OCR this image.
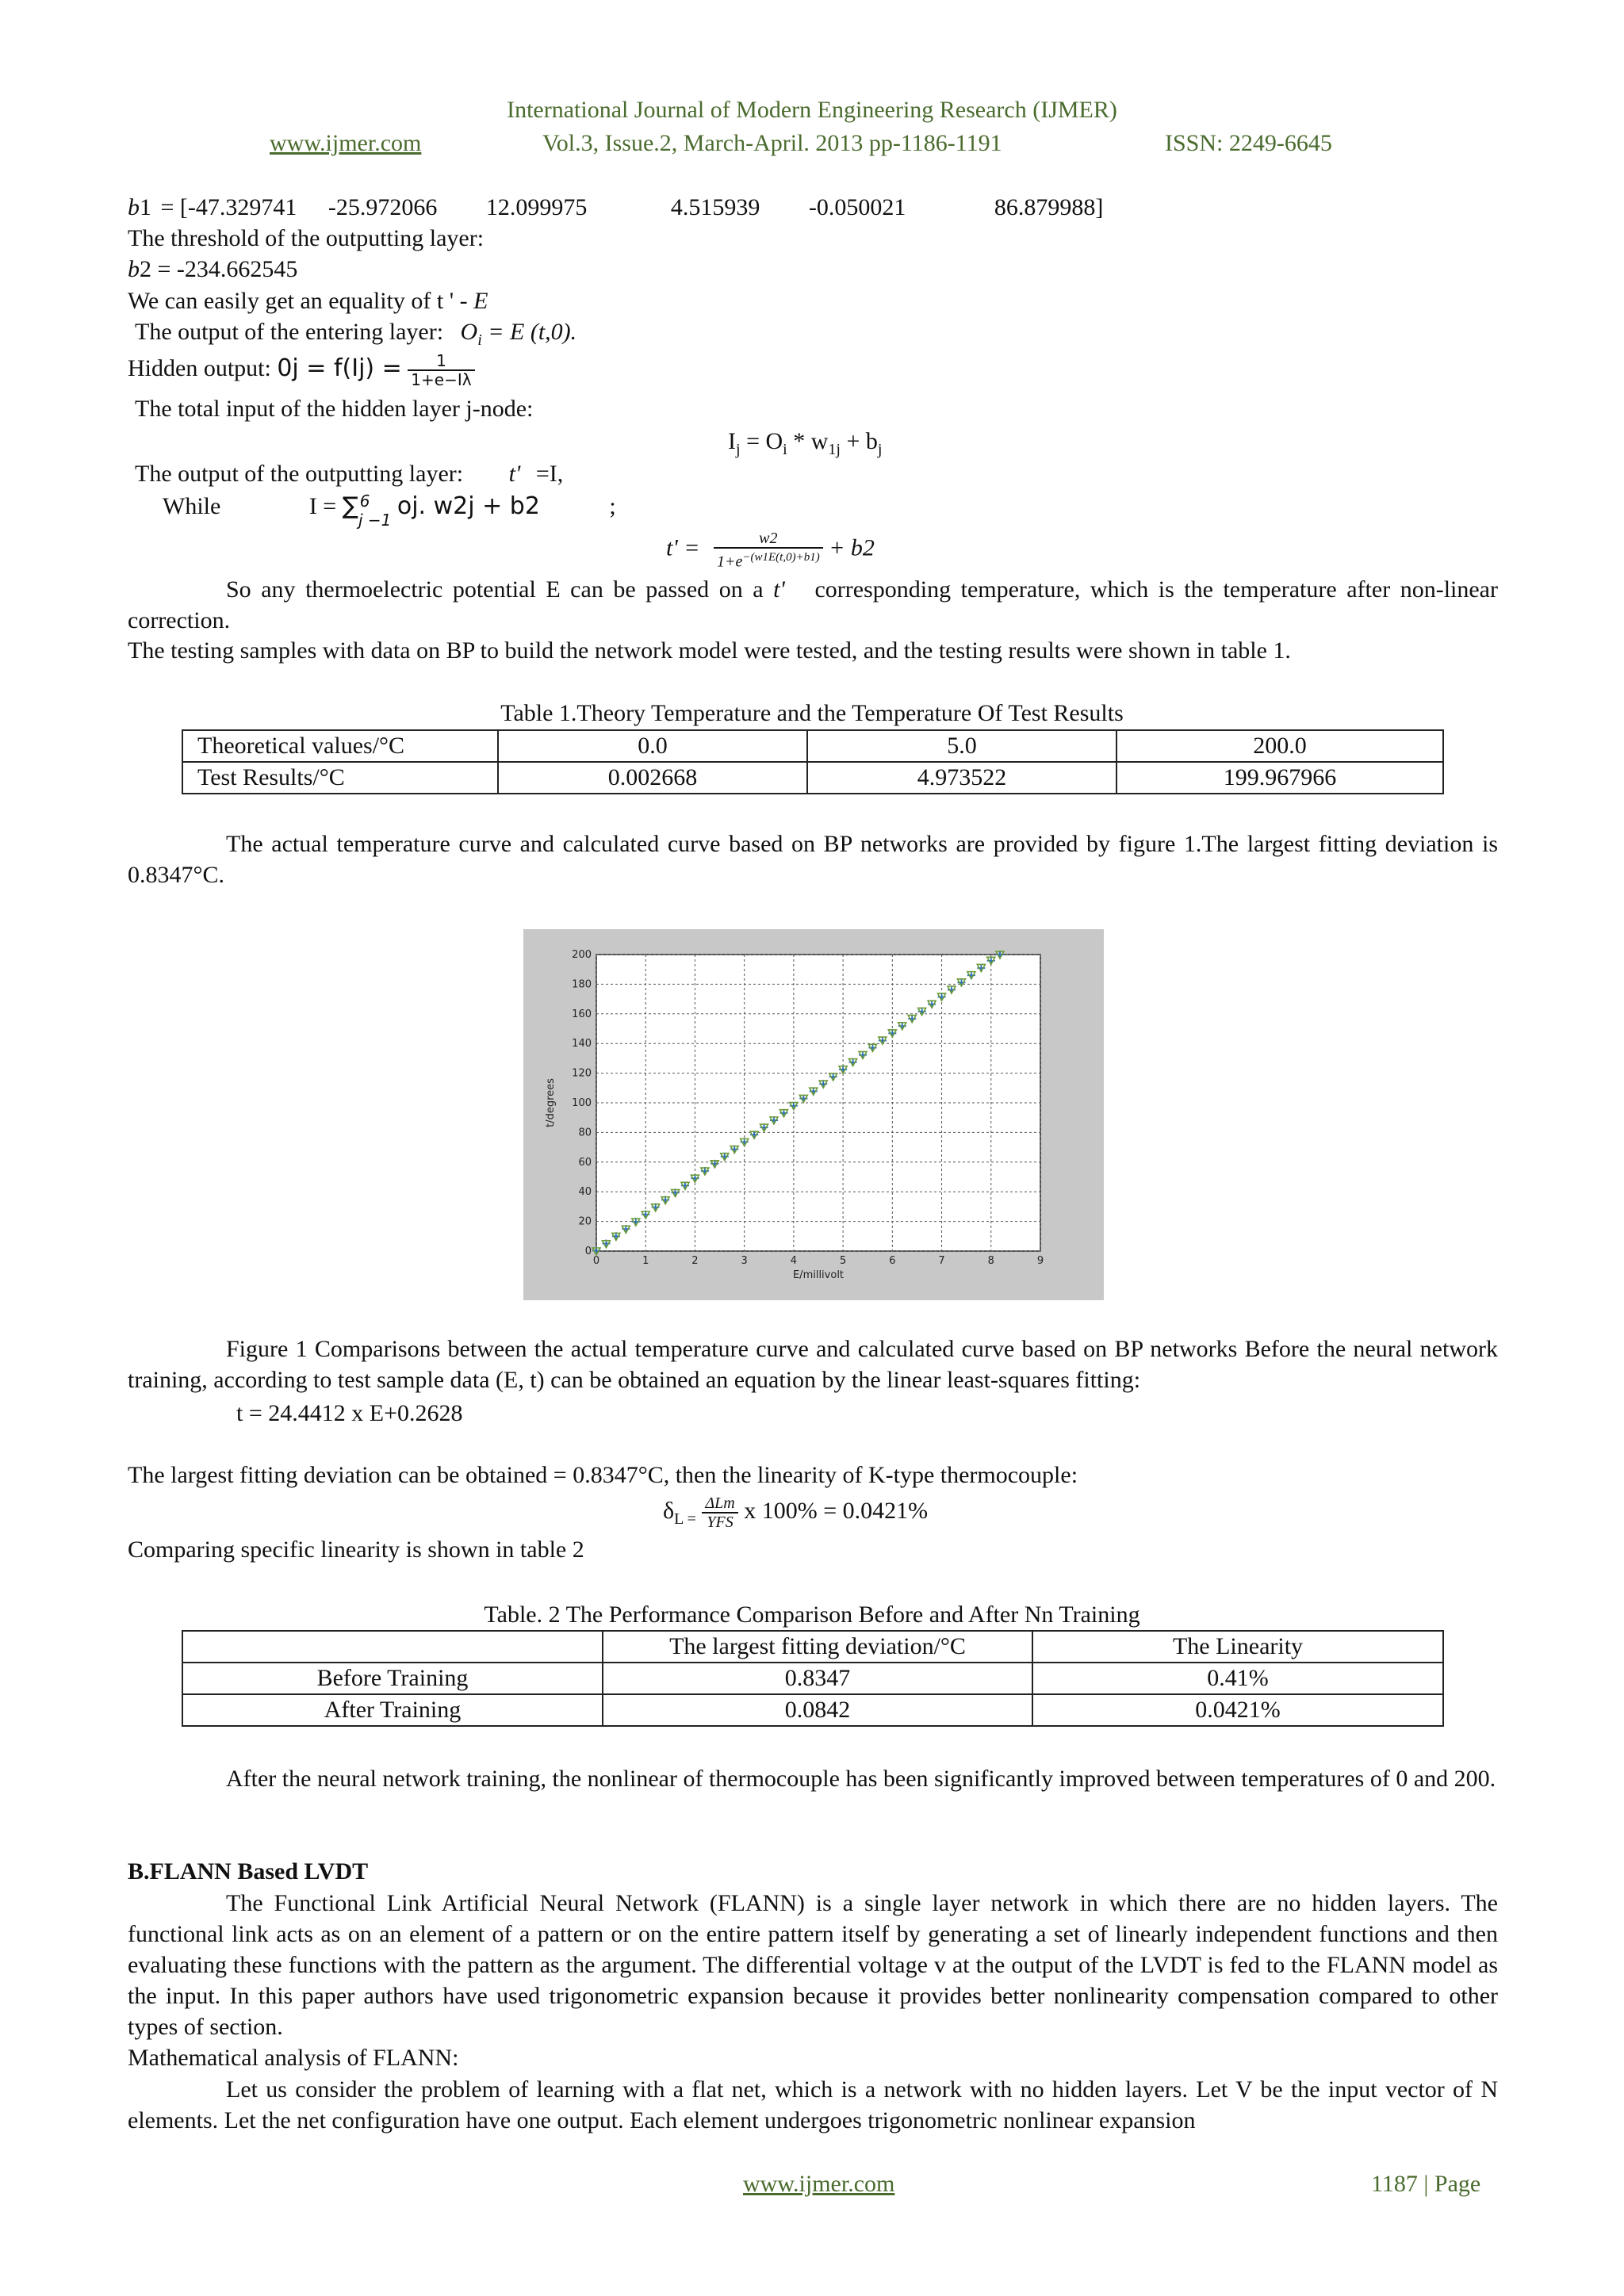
International Journal of Modern Engineering Research (IJMER)
www.ijmer.com	Vol.3, Issue.2, March-April. 2013 pp-1186-1191	ISSN: 2249-6645
b1 = [-47.329741 -25.972066 12.099975	4.515939 -0.050021	86.879988]
The threshold of the outputting layer:
b2 = -234.662545
We can easily get an equality of t ' - E
The output of the entering layer: $O_i = E$ (t,0).
Hidden output: $0j = f(Ij) = \frac{1}{1+e-I\lambda}$
The total input of the hidden layer j-node:
$I_j = O_i * w_{1j} + b_j$
The output of the outputting layer: t' =I,
While	I = ∑ 6
$_{j -1}$ oj. w2j + b2	;
$t' = \frac{w2}{1+e^{-(w1E(t,0)+b1)}} + b2$
So any thermoelectric potential E can be passed on a t' corresponding temperature, which is the temperature after non-linear correction.
The testing samples with data on BP to build the network model were tested, and the testing results were shown in table 1.
Table 1.Theory Temperature and the Temperature Of Test Results
Theoretical values/°C	0.0	5.0	200.0
Test Results/°C	0.002668	4.973522	199.967966
The actual temperature curve and calculated curve based on BP networks are provided by figure 1.The largest fitting deviation is 0.8347°C.
0	1	2	3	4	5	6	7	8	9
0
20
40
60
80
100
120
140
160
180
200
E/millivolt
t/degrees
Figure 1 Comparisons between the actual temperature curve and calculated curve based on BP networks Before the neural network training, according to test sample data (E, t) can be obtained an equation by the linear least-squares fitting:
t = 24.4412 x E+0.2628
The largest fitting deviation can be obtained = 0.8347°C, then the linearity of K-type thermocouple:
$\delta_{L =} \frac{\text{ΔLm}}{\text{YFS}}$ x 100% = 0.0421%
Comparing specific linearity is shown in table 2
Table. 2 The Performance Comparison Before and After Nn Training
	The largest fitting deviation/°C	The Linearity
Before Training	0.8347	0.41%
After Training	0.0842	0.0421%
After the neural network training, the nonlinear of thermocouple has been significantly improved between temperatures of 0 and 200.
B.FLANN Based LVDT
The Functional Link Artificial Neural Network (FLANN) is a single layer network in which there are no hidden layers. The functional link acts as on an element of a pattern or on the entire pattern itself by generating a set of linearly independent functions and then evaluating these functions with the pattern as the argument. The differential voltage v at the output of the LVDT is fed to the FLANN model as the input. In this paper authors have used trigonometric expansion because it provides better nonlinearity compensation compared to other types of section.
Mathematical analysis of FLANN:
Let us consider the problem of learning with a flat net, which is a network with no hidden layers. Let V be the input vector of N elements. Let the net configuration have one output. Each element undergoes trigonometric nonlinear expansion
www.ijmer.com	1187 | Page
